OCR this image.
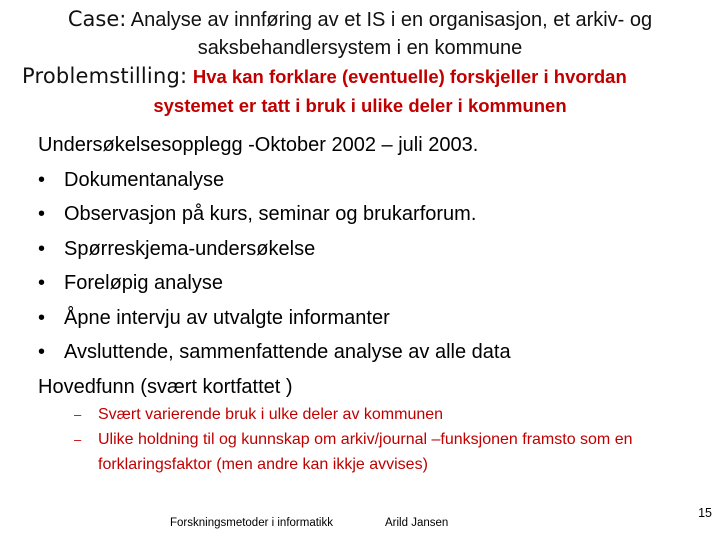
Case: Analyse av innføring av et IS i en organisasjon, et arkiv- og
saksbehandlersystem i en kommune
Problemstilling: Hva kan forklare (eventuelle) forskjeller i hvordan
systemet er tatt i bruk i ulike deler i kommunen
Undersøkelsesopplegg -Oktober 2002 – juli 2003.
• Dokumentanalyse
• Observasjon på kurs, seminar og brukarforum.
• Spørreskjema-undersøkelse
• Foreløpig analyse
• Åpne intervju av utvalgte informanter
• Avsluttende, sammenfattende analyse av alle data
Hovedfunn (svært kortfattet )
–	Svært varierende bruk i ulke deler av kommunen
–	Ulike holdning til og kunnskap om arkiv/journal –funksjonen framsto som en forklaringsfaktor (men andre kan ikkje avvises)
Forskningsmetoder i informatikk	Arild Jansen
15
